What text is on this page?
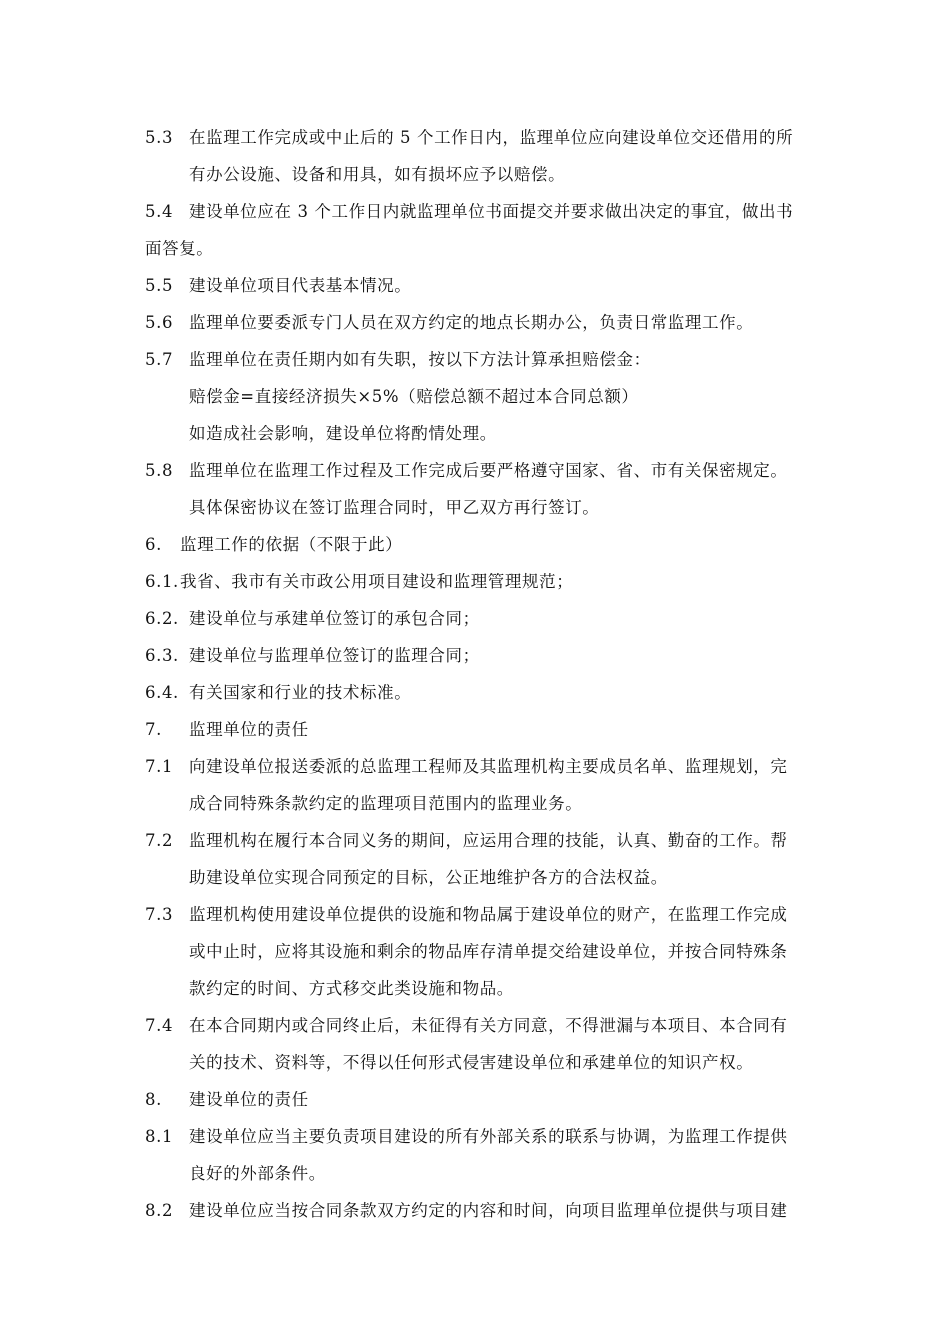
5.3 在监理工作完成或中止后的 5 个工作日内，监理单位应向建设单位交还借用的所
有办公设施、设备和用具，如有损坏应予以赔偿。
5.4 建设单位应在 3 个工作日内就监理单位书面提交并要求做出决定的事宜，做出书
面答复。
5.5 建设单位项目代表基本情况。
5.6 监理单位要委派专门人员在双方约定的地点长期办公，负责日常监理工作。
5.7 监理单位在责任期内如有失职，按以下方法计算承担赔偿金：
赔偿金=直接经济损失×5%（赔偿总额不超过本合同总额）
如造成社会影响，建设单位将酌情处理。
5.8 监理单位在监理工作过程及工作完成后要严格遵守国家、省、市有关保密规定。
具体保密协议在签订监理合同时，甲乙双方再行签订。
6. 监理工作的依据（不限于此）
6.1.我省、我市有关市政公用项目建设和监理管理规范；
6.2. 建设单位与承建单位签订的承包合同；
6.3. 建设单位与监理单位签订的监理合同；
6.4. 有关国家和行业的技术标准。
7. 监理单位的责任
7.1 向建设单位报送委派的总监理工程师及其监理机构主要成员名单、监理规划，完
成合同特殊条款约定的监理项目范围内的监理业务。
7.2 监理机构在履行本合同义务的期间，应运用合理的技能，认真、勤奋的工作。帮
助建设单位实现合同预定的目标，公正地维护各方的合法权益。
7.3 监理机构使用建设单位提供的设施和物品属于建设单位的财产，在监理工作完成
或中止时，应将其设施和剩余的物品库存清单提交给建设单位，并按合同特殊条
款约定的时间、方式移交此类设施和物品。
7.4 在本合同期内或合同终止后，未征得有关方同意，不得泄漏与本项目、本合同有
关的技术、资料等，不得以任何形式侵害建设单位和承建单位的知识产权。
8. 建设单位的责任
8.1 建设单位应当主要负责项目建设的所有外部关系的联系与协调，为监理工作提供
良好的外部条件。
8.2 建设单位应当按合同条款双方约定的内容和时间，向项目监理单位提供与项目建
